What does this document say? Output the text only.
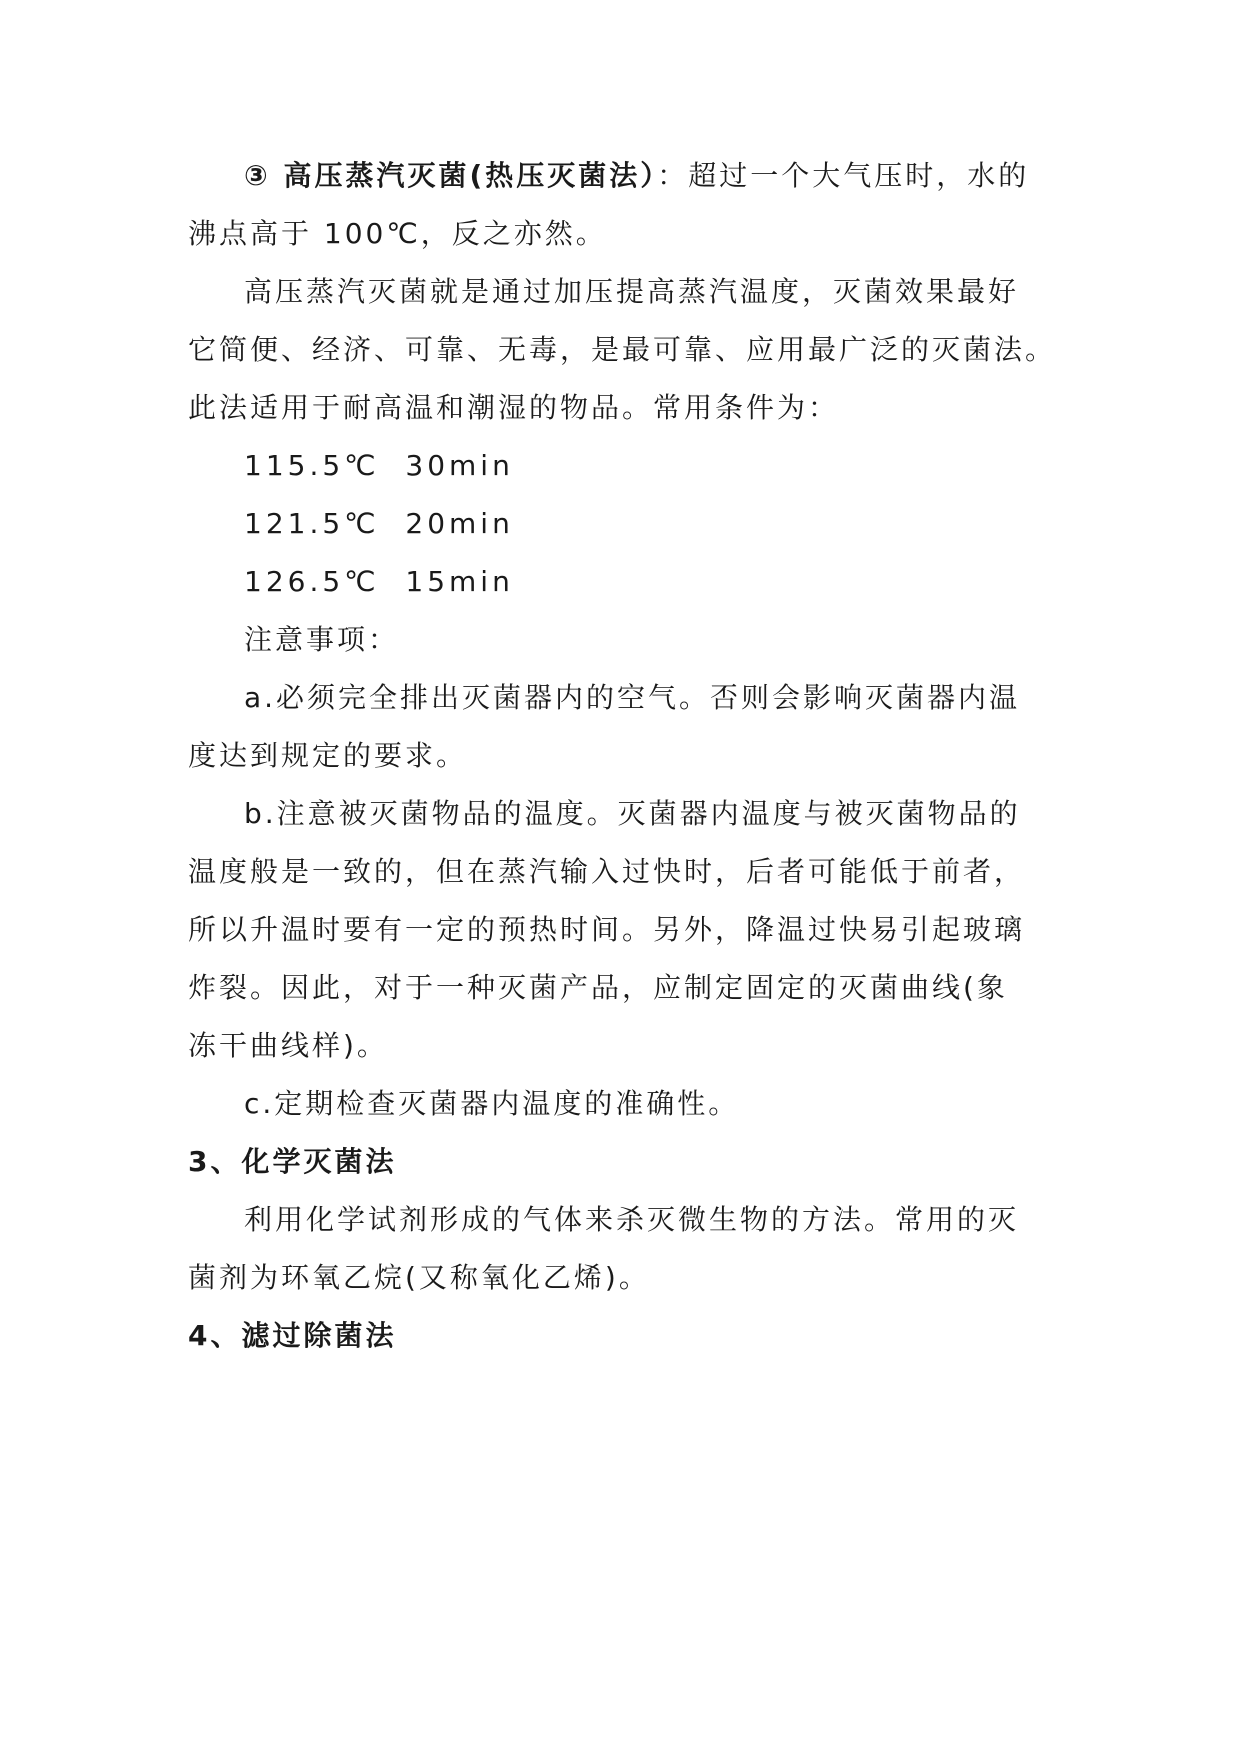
③ 高压蒸汽灭菌(热压灭菌法）：超过一个大气压时，水的
沸点高于 100℃，反之亦然。
高压蒸汽灭菌就是通过加压提高蒸汽温度，灭菌效果最好
它简便、经济、可靠、无毒，是最可靠、应用最广泛的灭菌法。
此法适用于耐高温和潮湿的物品。常用条件为：
115.5℃  30min
121.5℃  20min
126.5℃  15min
注意事项：
a.必须完全排出灭菌器内的空气。否则会影响灭菌器内温
度达到规定的要求。
b.注意被灭菌物品的温度。灭菌器内温度与被灭菌物品的
温度般是一致的，但在蒸汽输入过快时，后者可能低于前者，
所以升温时要有一定的预热时间。另外，降温过快易引起玻璃
炸裂。因此，对于一种灭菌产品，应制定固定的灭菌曲线(象
冻干曲线样)。
c.定期检查灭菌器内温度的准确性。
3、化学灭菌法
利用化学试剂形成的气体来杀灭微生物的方法。常用的灭
菌剂为环氧乙烷(又称氧化乙烯)。
4、滤过除菌法
